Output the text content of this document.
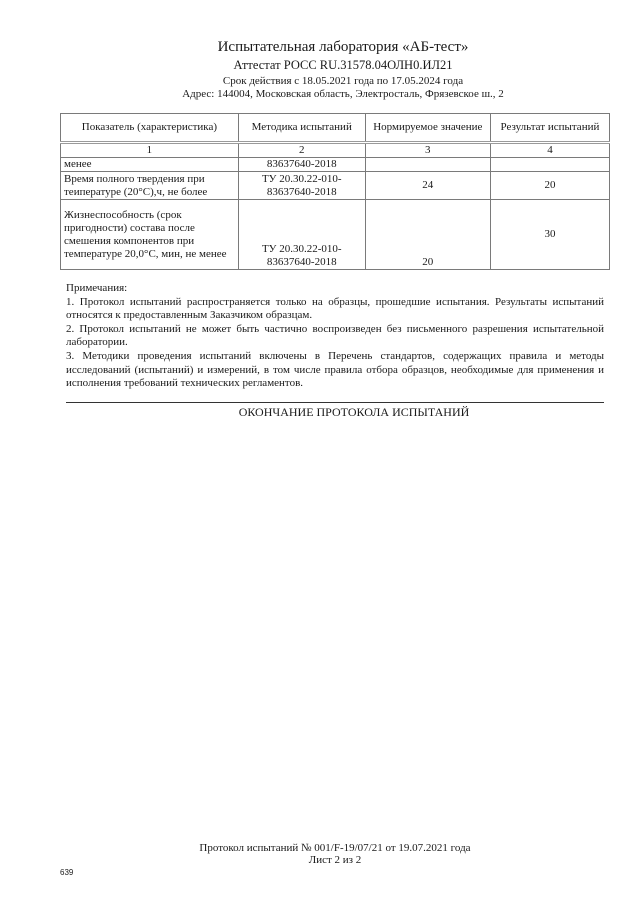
Испытательная лаборатория «АБ-тест»
Аттестат РОСС RU.31578.04ОЛН0.ИЛ21
Срок действия с 18.05.2021 года по 17.05.2024 года
Адрес: 144004, Московская область, Электросталь, Фрязевское ш., 2
Показатель (характеристика)	Методика испытаний	Нормируемое значение	Результат испытаний
1	2	3	4
менее	83637640-2018		
Время полного твердения при теипературе (20°C),ч, не более	ТУ 20.30.22-010-83637640-2018	24	20
Жизнеспособность (срок пригодности) состава после смешения компонентов при температуре 20,0°C, мин, не менее	ТУ 20.30.22-010-83637640-2018	20	30

Примечания:

1. Протокол испытаний распространяется только на образцы, прошедшие испытания. Результаты испытаний относятся к предоставленным Заказчиком образцам.

2. Протокол испытаний не может быть частично воспроизведен без письменного разрешения испытательной лаборатории.

3. Методики проведения испытаний включены в Перечень стандартов, содержащих правила и методы исследований (испытаний) и измерений, в том числе правила отбора образцов, необходимые для применения и исполнения требований технических регламентов.

ОКОНЧАНИЕ ПРОТОКОЛА ИСПЫТАНИЙ
Протокол испытаний № 001/F-19/07/21 от 19.07.2021 года
Лист 2 из 2
639
